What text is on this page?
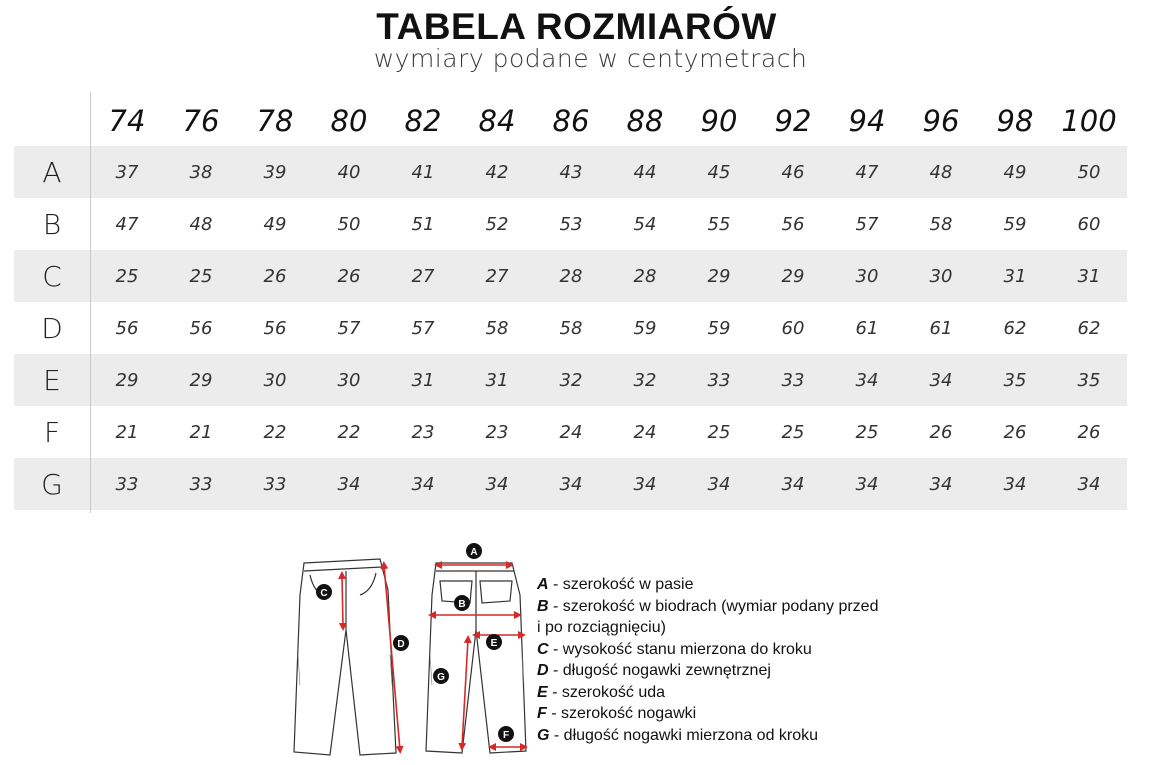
TABELA ROZMIARÓW
wymiary podane w centymetrach
74	76	78	80	82	84	86	88	90	92	94	96	98 100
A	37	38	39	40	41	42	43	44	45	46	47	48	49	50
B	47	48	49	50	51	52	53	54	55	56	57	58	59	60
C	25	25	26	26	27	27	28	28	29	29	30	30	31	31
D	56	56	56	57	57	58	58	59	59	60	61	61	62	62
E	29	29	30	30	31	31	32	32	33	33	34	34	35	35
F	21	21	22	22	23	23	24	24	25	25	25	26	26	26
G	33	33	33	34	34	34	34	34	34	34	34	34	34	34
C
D
A
B
E
G
F
A - szerokość w pasie
B - szerokość w biodrach (wymiar podany przed
i po rozciągnięciu)
C - wysokość stanu mierzona do kroku
D - długość nogawki zewnętrznej
E - szerokość uda
F - szerokość nogawki
G - długość nogawki mierzona od kroku
